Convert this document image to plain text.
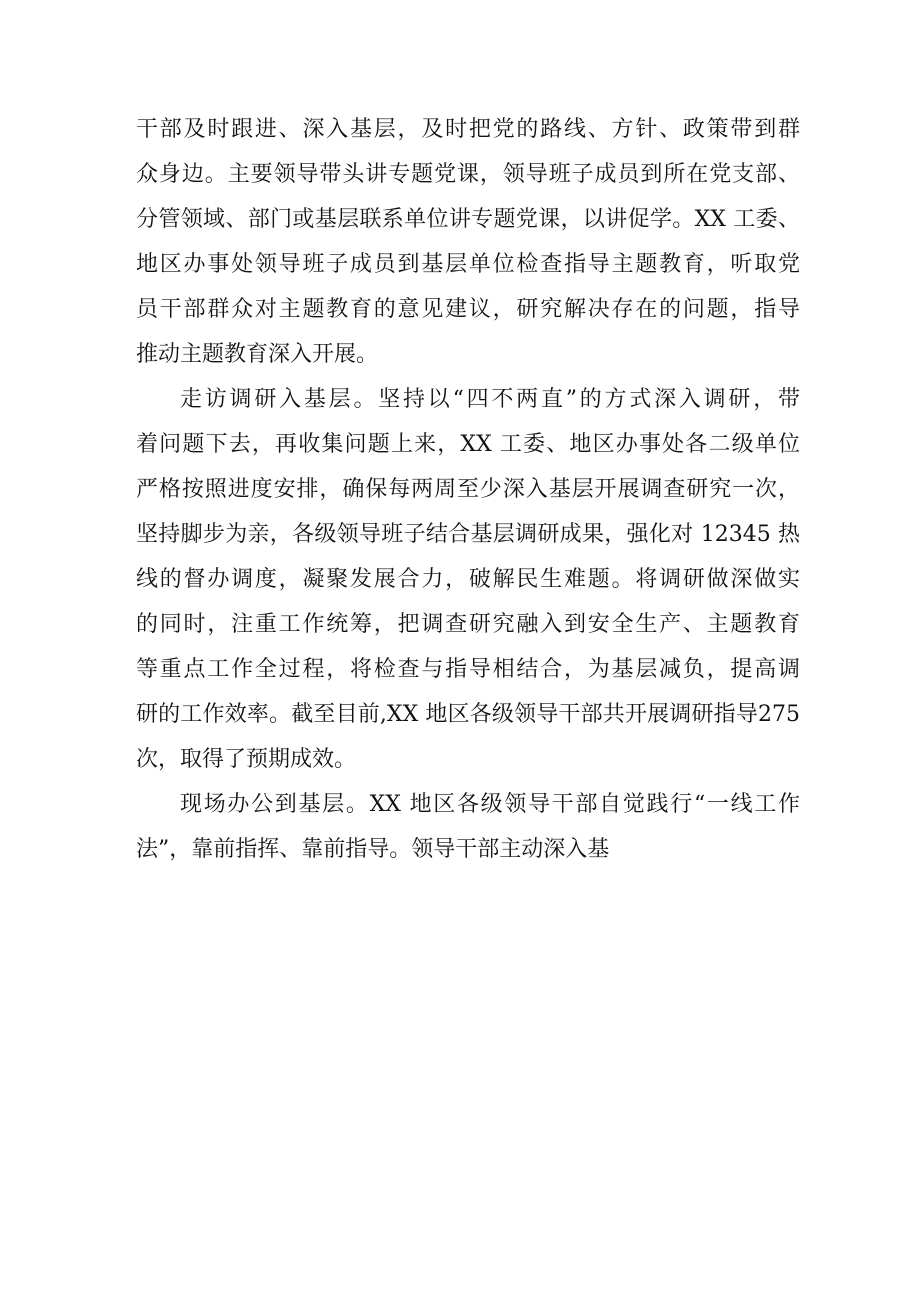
干部及时跟进、深入基层，及时把党的路线、方针、政策带到群
众身边。主要领导带头讲专题党课，领导班子成员到所在党支部、
分管领域、部门或基层联系单位讲专题党课，以讲促学。XX 工委、
地区办事处领导班子成员到基层单位检查指导主题教育，听取党
员干部群众对主题教育的意见建议，研究解决存在的问题，指导
推动主题教育深入开展。
走访调研入基层。坚持以“四不两直”的方式深入调研，带
着问题下去，再收集问题上来，XX 工委、地区办事处各二级单位
严格按照进度安排，确保每两周至少深入基层开展调查研究一次，
坚持脚步为亲，各级领导班子结合基层调研成果，强化对 12345 热
线的督办调度，凝聚发展合力，破解民生难题。将调研做深做实
的同时，注重工作统筹，把调查研究融入到安全生产、主题教育
等重点工作全过程，将检查与指导相结合，为基层减负，提高调
研的工作效率。截至目前,XX 地区各级领导干部共开展调研指导275
次，取得了预期成效。
现场办公到基层。XX 地区各级领导干部自觉践行“一线工作
法”，靠前指挥、靠前指导。领导干部主动深入基
